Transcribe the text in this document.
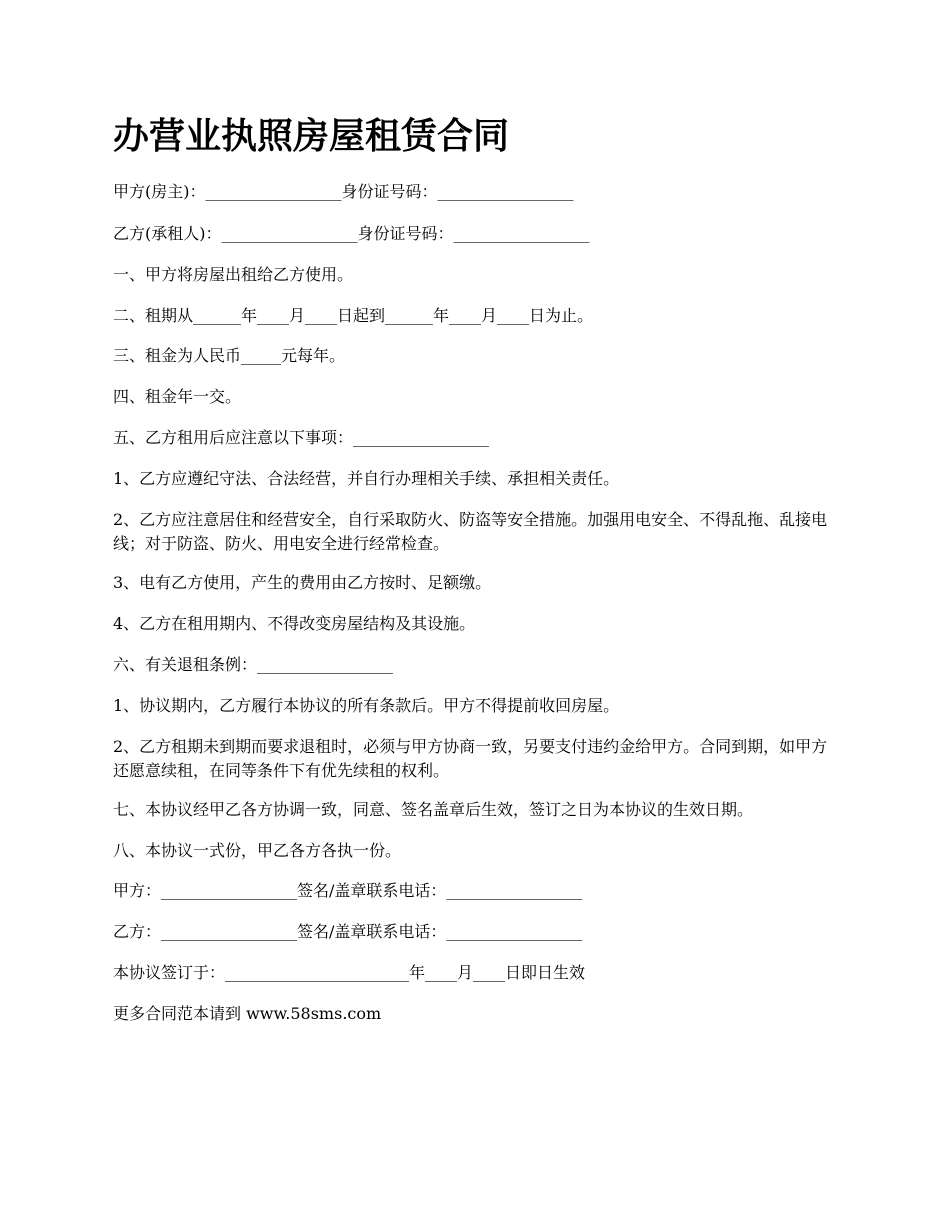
办营业执照房屋租赁合同

甲方(房主)：_________________身份证号码：_________________

乙方(承租人)：_________________身份证号码：_________________

一、甲方将房屋出租给乙方使用。

二、租期从______年____月____日起到______年____月____日为止。

三、租金为人民币_____元每年。

四、租金年一交。

五、乙方租用后应注意以下事项：_________________

1、乙方应遵纪守法、合法经营，并自行办理相关手续、承担相关责任。

2、乙方应注意居住和经营安全，自行采取防火、防盗等安全措施。加强用电安全、不得乱拖、乱接电线；对于防盗、防火、用电安全进行经常检查。

3、电有乙方使用，产生的费用由乙方按时、足额缴。

4、乙方在租用期内、不得改变房屋结构及其设施。

六、有关退租条例：_________________

1、协议期内，乙方履行本协议的所有条款后。甲方不得提前收回房屋。

2、乙方租期未到期而要求退租时，必须与甲方协商一致，另要支付违约金给甲方。合同到期，如甲方还愿意续租，在同等条件下有优先续租的权利。

七、本协议经甲乙各方协调一致，同意、签名盖章后生效，签订之日为本协议的生效日期。

八、本协议一式份，甲乙各方各执一份。

甲方：_________________签名/盖章联系电话：_________________

乙方：_________________签名/盖章联系电话：_________________

本协议签订于：_______________________年____月____日即日生效

更多合同范本请到 www.58sms.com
